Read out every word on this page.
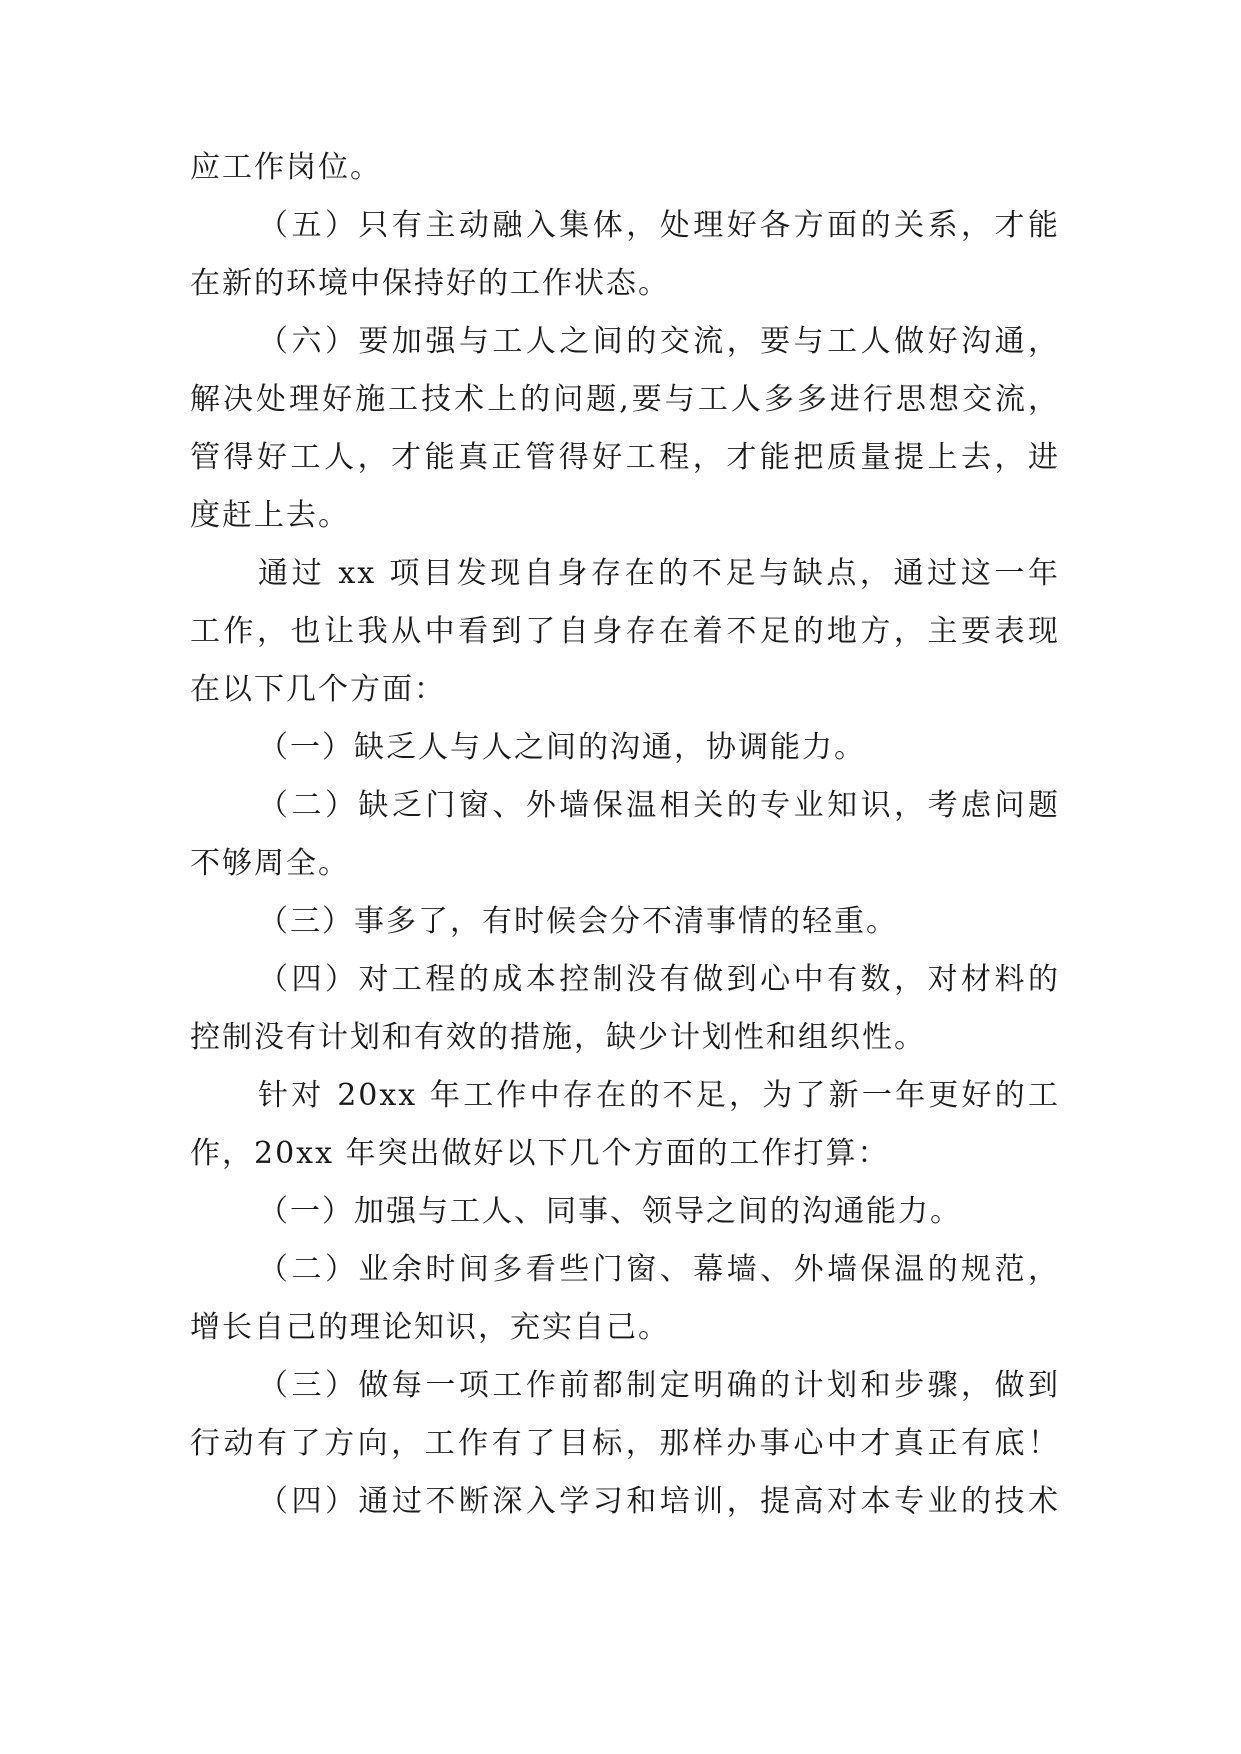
应工作岗位。
（五）只有主动融入集体，处理好各方面的关系，才能
在新的环境中保持好的工作状态。
（六）要加强与工人之间的交流，要与工人做好沟通，
解决处理好施工技术上的问题,要与工人多多进行思想交流，
管得好工人，才能真正管得好工程，才能把质量提上去，进
度赶上去。
通过 xx 项目发现自身存在的不足与缺点，通过这一年
工作，也让我从中看到了自身存在着不足的地方，主要表现
在以下几个方面：
（一）缺乏人与人之间的沟通，协调能力。
（二）缺乏门窗、外墙保温相关的专业知识，考虑问题
不够周全。
（三）事多了，有时候会分不清事情的轻重。
（四）对工程的成本控制没有做到心中有数，对材料的
控制没有计划和有效的措施，缺少计划性和组织性。
针对 20xx 年工作中存在的不足，为了新一年更好的工
作，20xx 年突出做好以下几个方面的工作打算：
（一）加强与工人、同事、领导之间的沟通能力。
（二）业余时间多看些门窗、幕墙、外墙保温的规范，
增长自己的理论知识，充实自己。
（三）做每一项工作前都制定明确的计划和步骤，做到
行动有了方向，工作有了目标，那样办事心中才真正有底！
（四）通过不断深入学习和培训，提高对本专业的技术
